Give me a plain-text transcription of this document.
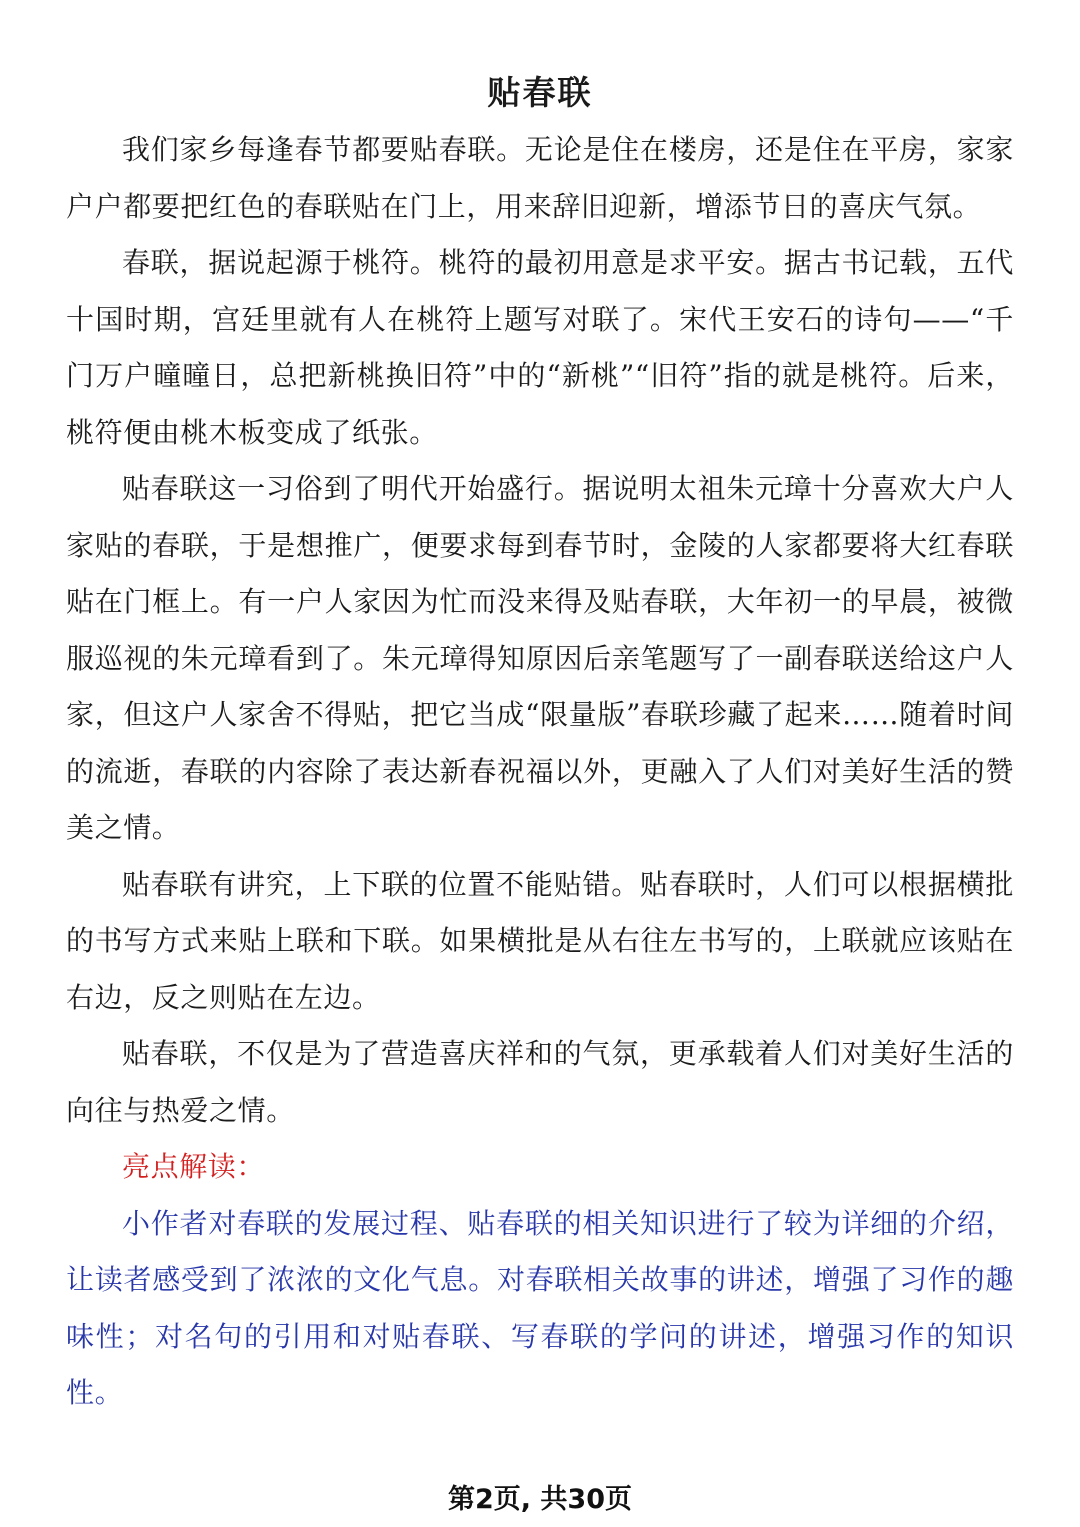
贴春联

我们家乡每逢春节都要贴春联。无论是住在楼房，还是住在平房，家家户户都要把红色的春联贴在门上，用来辞旧迎新，增添节日的喜庆气氛。

春联，据说起源于桃符。桃符的最初用意是求平安。据古书记载，五代十国时期，宫廷里就有人在桃符上题写对联了。宋代王安石的诗句——“千门万户曈曈日，总把新桃换旧符”中的“新桃”“旧符”指的就是桃符。后来，桃符便由桃木板变成了纸张。

贴春联这一习俗到了明代开始盛行。据说明太祖朱元璋十分喜欢大户人家贴的春联，于是想推广，便要求每到春节时，金陵的人家都要将大红春联贴在门框上。有一户人家因为忙而没来得及贴春联，大年初一的早晨，被微服巡视的朱元璋看到了。朱元璋得知原因后亲笔题写了一副春联送给这户人家，但这户人家舍不得贴，把它当成“限量版”春联珍藏了起来……随着时间的流逝，春联的内容除了表达新春祝福以外，更融入了人们对美好生活的赞美之情。

贴春联有讲究，上下联的位置不能贴错。贴春联时，人们可以根据横批的书写方式来贴上联和下联。如果横批是从右往左书写的，上联就应该贴在右边，反之则贴在左边。

贴春联，不仅是为了营造喜庆祥和的气氛，更承载着人们对美好生活的向往与热爱之情。

亮点解读：

小作者对春联的发展过程、贴春联的相关知识进行了较为详细的介绍，让读者感受到了浓浓的文化气息。对春联相关故事的讲述，增强了习作的趣味性；对名句的引用和对贴春联、写春联的学问的讲述，增强习作的知识性。

第2页, 共30页
